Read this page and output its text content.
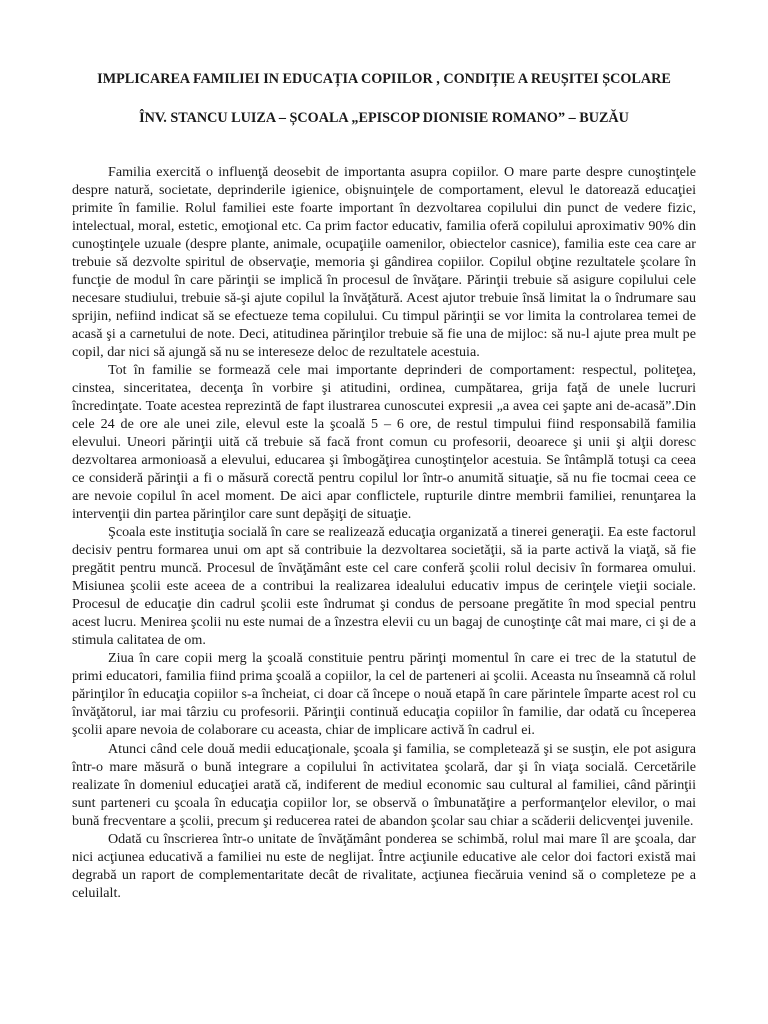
IMPLICAREA FAMILIEI IN EDUCAȚIA COPIILOR , CONDIȚIE A REUȘITEI ȘCOLARE
ÎNV. STANCU LUIZA – ȘCOALA „EPISCOP DIONISIE ROMANO” – BUZĂU

Familia exercită o influenţă deosebit de importanta asupra copiilor. O mare parte despre cunoştinţele despre natură, societate, deprinderile igienice, obişnuinţele de comportament, elevul le datorează educaţiei primite în familie. Rolul familiei este foarte important în dezvoltarea copilului din punct de vedere fizic, intelectual, moral, estetic, emoţional etc. Ca prim factor educativ, familia oferă copilului aproximativ 90% din cunoştinţele uzuale (despre plante, animale, ocupaţiile oamenilor, obiectelor casnice), familia este cea care ar trebuie să dezvolte spiritul de observaţie, memoria şi gândirea copiilor. Copilul obţine rezultatele şcolare în funcţie de modul în care părinţii se implică în procesul de învăţare. Părinţii trebuie să asigure copilului cele necesare studiului, trebuie să-şi ajute copilul la învăţătură. Acest ajutor trebuie însă limitat la o îndrumare sau sprijin, nefiind indicat să se efectueze tema copilului. Cu timpul părinţii se vor limita la controlarea temei de acasă şi a carnetului de note. Deci, atitudinea părinţilor trebuie să fie una de mijloc: să nu-l ajute prea mult pe copil, dar nici să ajungă să nu se intereseze deloc de rezultatele acestuia.

Tot în familie se formează cele mai importante deprinderi de comportament: respectul, politeţea, cinstea, sinceritatea, decenţa în vorbire şi atitudini, ordinea, cumpătarea, grija faţă de unele lucruri încredinţate. Toate acestea reprezintă de fapt ilustrarea cunoscutei expresii „a avea cei şapte ani de-acasă”.Din cele 24 de ore ale unei zile, elevul este la şcoală 5 – 6 ore, de restul timpului fiind responsabilă familia elevului. Uneori părinţii uită că trebuie să facă front comun cu profesorii, deoarece şi unii şi alţii doresc dezvoltarea armonioasă a elevului, educarea şi îmbogăţirea cunoştinţelor acestuia. Se întâmplă totuşi ca ceea ce consideră părinţii a fi o măsură corectă pentru copilul lor într-o anumită situaţie, să nu fie tocmai ceea ce are nevoie copilul în acel moment. De aici apar conflictele, rupturile dintre membrii familiei, renunţarea la intervenţii din partea părinţilor care sunt depăşiţi de situaţie.

Şcoala este instituţia socială în care se realizează educaţia organizată a tinerei generaţii. Ea este factorul decisiv pentru formarea unui om apt să contribuie la dezvoltarea societăţii, să ia parte activă la viaţă, să fie pregătit pentru muncă. Procesul de învăţământ este cel care conferă şcolii rolul decisiv în formarea omului. Misiunea şcolii este aceea de a contribui la realizarea idealului educativ impus de cerinţele vieţii sociale. Procesul de educaţie din cadrul şcolii este îndrumat şi condus de persoane pregătite în mod special pentru acest lucru. Menirea şcolii nu este numai de a înzestra elevii cu un bagaj de cunoştinţe cât mai mare, ci şi de a stimula calitatea de om.

Ziua în care copii merg la şcoală constituie pentru părinţi momentul în care ei trec de la statutul de primi educatori, familia fiind prima şcoală a copiilor, la cel de parteneri ai şcolii. Aceasta nu înseamnă că rolul părinţilor în educaţia copiilor s-a încheiat, ci doar că începe o nouă etapă în care părintele împarte acest rol cu învăţătorul, iar mai târziu cu profesorii. Părinţii continuă educaţia copiilor în familie, dar odată cu începerea şcolii apare nevoia de colaborare cu aceasta, chiar de implicare activă în cadrul ei.

Atunci când cele două medii educaţionale, şcoala şi familia, se completează şi se susţin, ele pot asigura într-o mare măsură o bună integrare a copilului în activitatea şcolară, dar şi în viaţa socială. Cercetările realizate în domeniul educaţiei arată că, indiferent de mediul economic sau cultural al familiei, când părinţii sunt parteneri cu şcoala în educaţia copiilor lor, se observă o îmbunatăţire a performanţelor elevilor, o mai bună frecventare a şcolii, precum şi reducerea ratei de abandon şcolar sau chiar a scăderii delicvenţei juvenile.

Odată cu înscrierea într-o unitate de învăţământ ponderea se schimbă, rolul mai mare îl are şcoala, dar nici acţiunea educativă a familiei nu este de neglijat. Între acţiunile educative ale celor doi factori există mai degrabă un raport de complementaritate decât de rivalitate, acţiunea fiecăruia venind să o completeze pe a celuilalt.
